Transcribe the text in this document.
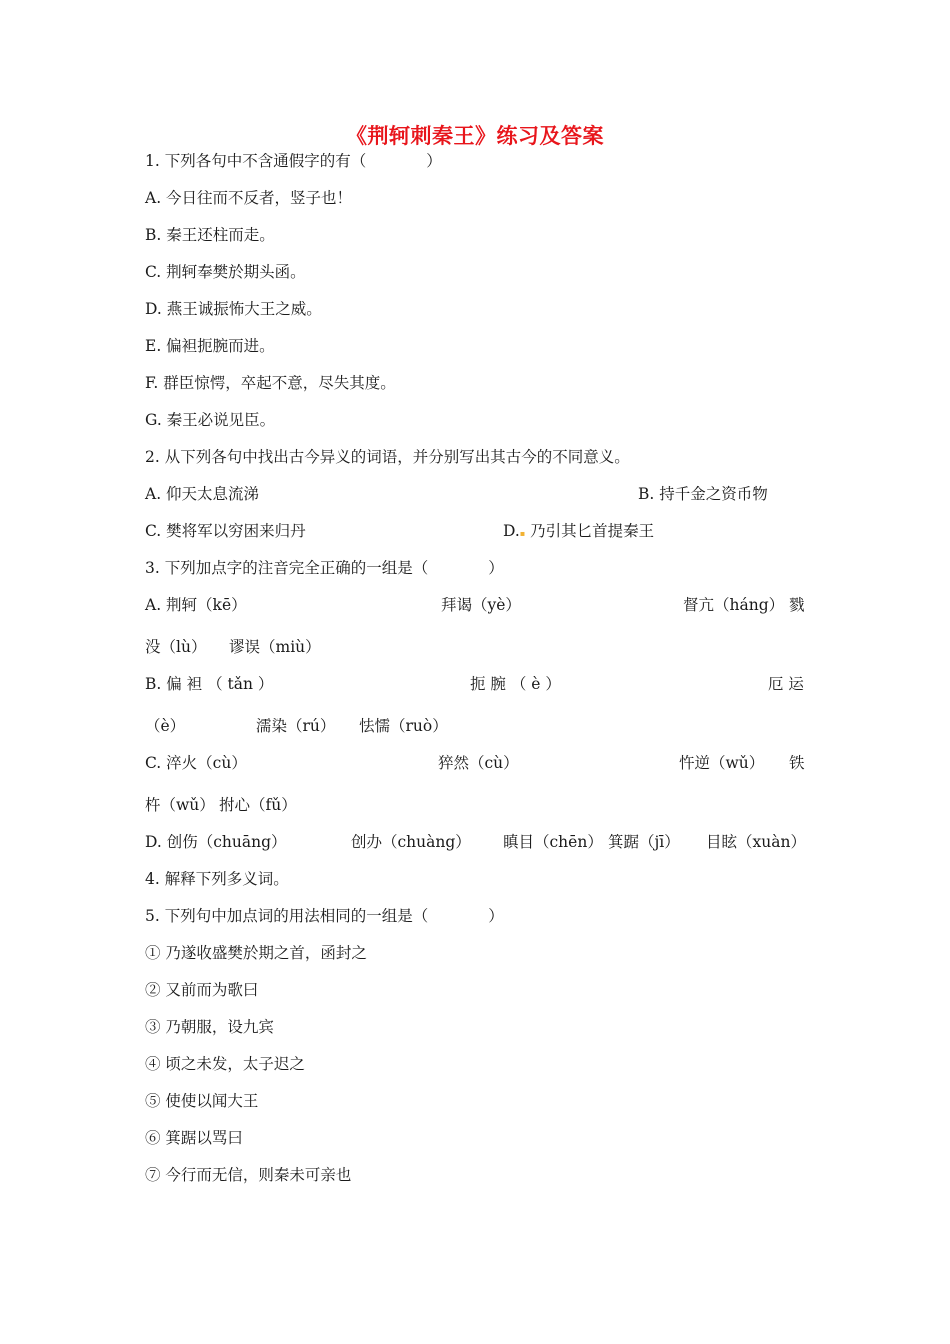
《荆轲刺秦王》练习及答案
1. 下列各句中不含通假字的有（	）
A. 今日往而不反者，竖子也！
B. 秦王还柱而走。
C. 荆轲奉樊於期头函。
D. 燕王诚振怖大王之威。
E. 偏袒扼腕而进。
F. 群臣惊愕，卒起不意，尽失其度。
G. 秦王必说见臣。
2. 从下列各句中找出古今异义的词语，并分别写出其古今的不同意义。
A. 仰天太息流涕	B. 持千金之资币物
C. 樊将军以穷困来归丹	D.▪ 乃引其匕首提秦王
3. 下列加点字的注音完全正确的一组是（	）
A. 荆轲（kē）	拜谒（yè）	督亢（háng） 戮
没（lù） 谬误（miù）
B. 偏 袒 （ tǎn ）	扼 腕 （ è ）	厄 运
（è）	濡染（rú） 怯懦（ruò）
C. 淬火（cù）	猝然（cù）	忤逆（wǔ） 铁
杵（wǔ） 拊心（fǔ）
D. 创伤（chuāng）	创办（chuàng） 瞋目（chēn） 箕踞（jī） 目眩（xuàn）
4. 解释下列多义词。
5. 下列句中加点词的用法相同的一组是（	）
① 乃遂收盛樊於期之首，函封之
② 又前而为歌曰
③ 乃朝服，设九宾
④ 顷之未发，太子迟之
⑤ 使使以闻大王
⑥ 箕踞以骂曰
⑦ 今行而无信，则秦未可亲也
